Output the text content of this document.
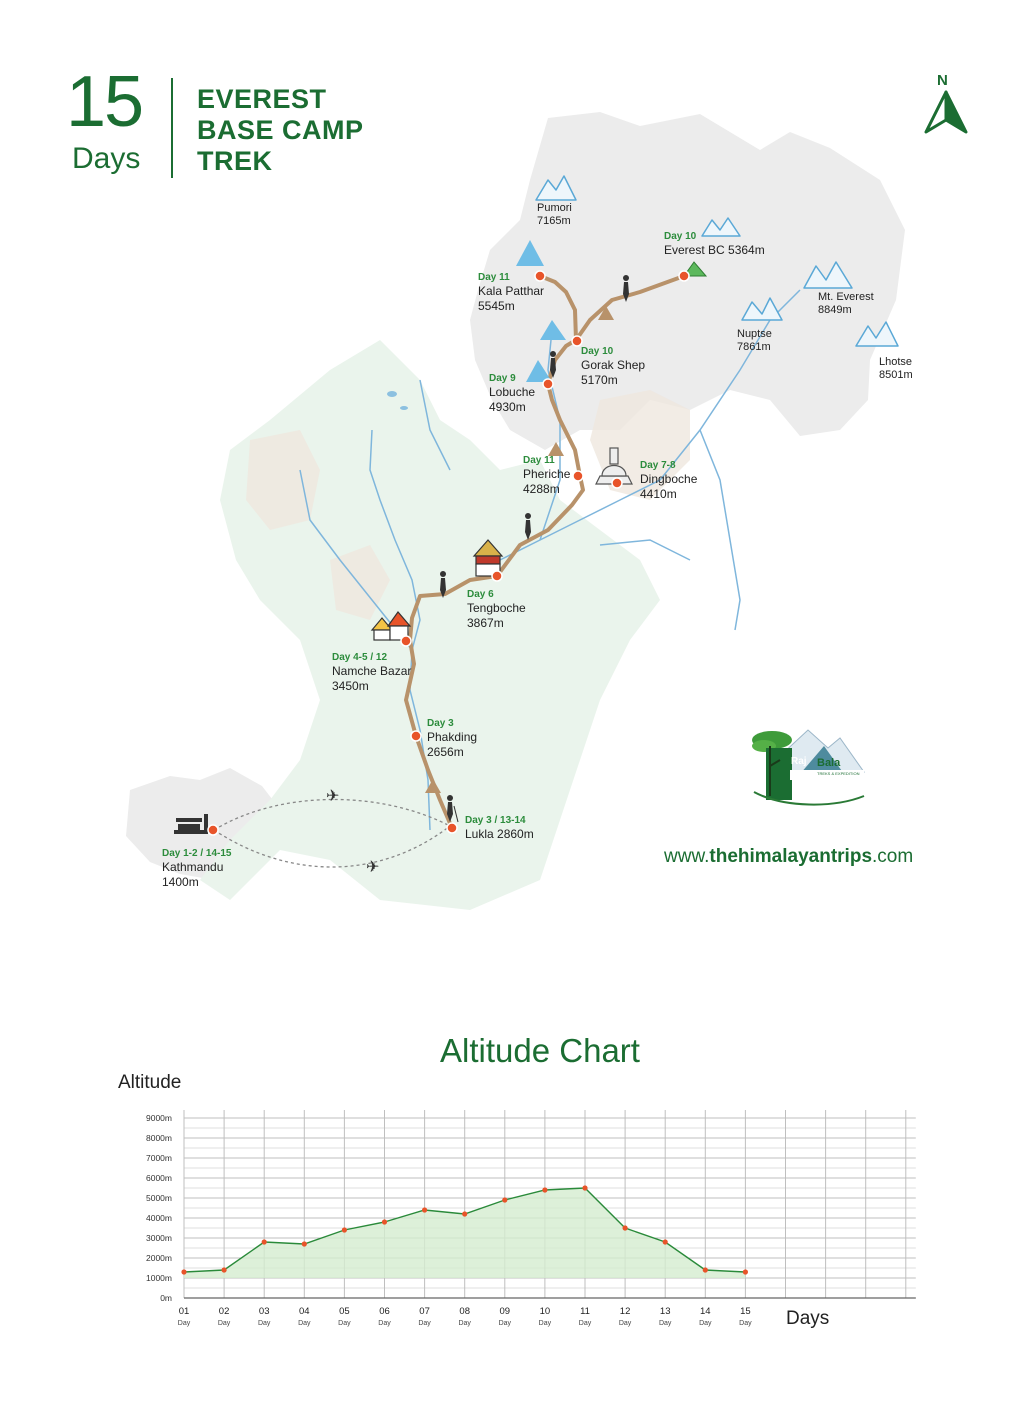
15
Days
EVEREST
BASE CAMP
TREK
N
✈
✈
Pumori
7165m
Mt. Everest
8849m
Nuptse
7861m
Lhotse
8501m
Day 1-2 / 14-15
Kathmandu
1400m
Day 3 / 13-14
Lukla 2860m
Day 3
Phakding
2656m
Day 4-5 / 12
Namche Bazar
3450m
Day 6
Tengboche
3867m
Day 11
Pheriche
4288m
Day 7-8
Dingboche
4410m
Day 9
Lobuche
4930m
Day 10
Gorak Shep
5170m
Day 11
Kala Patthar
5545m
Day 10
Everest BC 5364m
Raj Bala
TREKS & EXPEDITION
www.thehimalayantrips.com
Altitude Chart
Altitude
Days
0m
1000m
2000m
3000m
4000m
5000m
6000m
7000m
8000m
9000m
01
Day
02
Day
03
Day
04
Day
05
Day
06
Day
07
Day
08
Day
09
Day
10
Day
11
Day
12
Day
13
Day
14
Day
15
Day
